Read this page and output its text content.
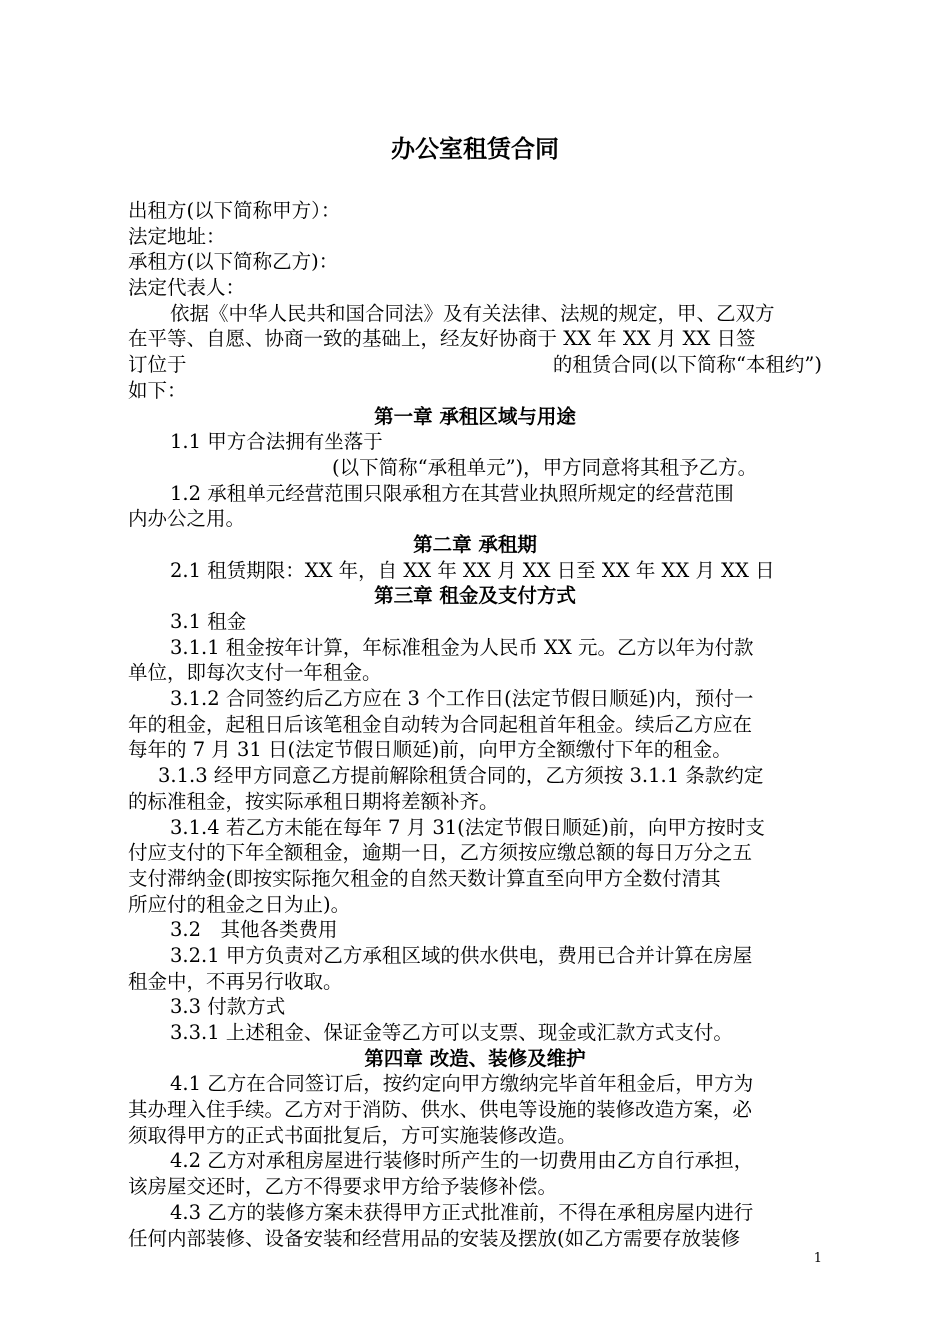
办公室租赁合同
出租方(以下简称甲方）：
法定地址：
承租方(以下简称乙方)：
法定代表人：
依据《中华人民共和国合同法》及有关法律、法规的规定，甲、乙双方
在平等、自愿、协商一致的基础上，经友好协商于 XX 年 XX 月 XX 日签
订位于	的租赁合同(以下简称“本租约”)
如下：
第一章 承租区域与用途
1.1 甲方合法拥有坐落于
(以下简称“承租单元”)，甲方同意将其租予乙方。
1.2 承租单元经营范围只限承租方在其营业执照所规定的经营范围
内办公之用。
第二章 承租期
2.1 租赁期限：XX 年，自 XX 年 XX 月 XX 日至 XX 年 XX 月 XX 日
第三章 租金及支付方式
3.1 租金
3.1.1 租金按年计算，年标准租金为人民币 XX 元。乙方以年为付款
单位，即每次支付一年租金。
3.1.2 合同签约后乙方应在 3 个工作日(法定节假日顺延)内，预付一
年的租金，起租日后该笔租金自动转为合同起租首年租金。续后乙方应在
每年的 7 月 31 日(法定节假日顺延)前，向甲方全额缴付下年的租金。
3.1.3 经甲方同意乙方提前解除租赁合同的，乙方须按 3.1.1 条款约定
的标准租金，按实际承租日期将差额补齐。
3.1.4 若乙方未能在每年 7 月 31(法定节假日顺延)前，向甲方按时支
付应支付的下年全额租金，逾期一日，乙方须按应缴总额的每日万分之五
支付滞纳金(即按实际拖欠租金的自然天数计算直至向甲方全数付清其
所应付的租金之日为止)。
3.2　其他各类费用
3.2.1 甲方负责对乙方承租区域的供水供电，费用已合并计算在房屋
租金中，不再另行收取。
3.3 付款方式
3.3.1 上述租金、保证金等乙方可以支票、现金或汇款方式支付。
第四章 改造、装修及维护
4.1 乙方在合同签订后，按约定向甲方缴纳完毕首年租金后，甲方为
其办理入住手续。乙方对于消防、供水、供电等设施的装修改造方案，必
须取得甲方的正式书面批复后，方可实施装修改造。
4.2 乙方对承租房屋进行装修时所产生的一切费用由乙方自行承担，
该房屋交还时，乙方不得要求甲方给予装修补偿。
4.3 乙方的装修方案未获得甲方正式批准前，不得在承租房屋内进行
任何内部装修、设备安装和经营用品的安装及摆放(如乙方需要存放装修
1
